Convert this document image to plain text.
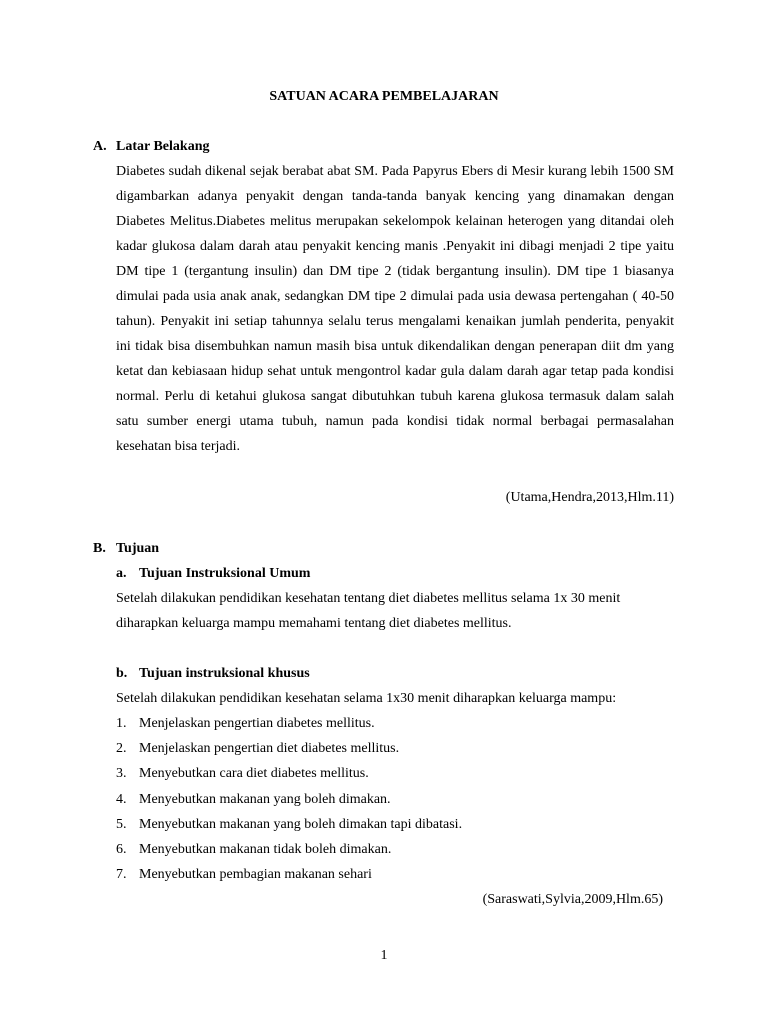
SATUAN ACARA PEMBELAJARAN
A. Latar Belakang
Diabetes sudah dikenal sejak berabat abat SM. Pada Papyrus Ebers di Mesir kurang lebih 1500 SM digambarkan adanya penyakit dengan tanda-tanda banyak kencing yang dinamakan dengan Diabetes Melitus.Diabetes melitus merupakan sekelompok kelainan heterogen yang ditandai oleh kadar glukosa dalam darah atau penyakit kencing manis .Penyakit ini dibagi menjadi 2 tipe yaitu DM tipe 1 (tergantung insulin) dan DM tipe 2 (tidak bergantung insulin). DM tipe 1 biasanya dimulai pada usia anak anak, sedangkan DM tipe 2 dimulai pada usia dewasa pertengahan ( 40-50 tahun). Penyakit ini setiap tahunnya selalu terus mengalami kenaikan jumlah penderita, penyakit ini tidak bisa disembuhkan namun masih bisa untuk dikendalikan dengan penerapan diit dm yang ketat dan kebiasaan hidup sehat untuk mengontrol kadar gula dalam darah agar tetap pada kondisi normal. Perlu di ketahui glukosa sangat dibutuhkan tubuh karena glukosa termasuk dalam salah satu sumber energi utama tubuh, namun pada kondisi tidak normal berbagai permasalahan kesehatan bisa terjadi.
(Utama,Hendra,2013,Hlm.11)
B. Tujuan
a. Tujuan Instruksional Umum
Setelah dilakukan pendidikan kesehatan tentang diet diabetes mellitus selama 1x 30 menit
diharapkan keluarga mampu memahami tentang diet diabetes mellitus.
b. Tujuan instruksional khusus
Setelah dilakukan pendidikan kesehatan selama 1x30 menit diharapkan keluarga mampu:
1. Menjelaskan pengertian diabetes mellitus.
2. Menjelaskan pengertian diet diabetes mellitus.
3. Menyebutkan cara diet diabetes mellitus.
4. Menyebutkan makanan yang boleh dimakan.
5. Menyebutkan makanan yang boleh dimakan tapi dibatasi.
6. Menyebutkan makanan tidak boleh dimakan.
7. Menyebutkan pembagian makanan sehari
(Saraswati,Sylvia,2009,Hlm.65)
1
